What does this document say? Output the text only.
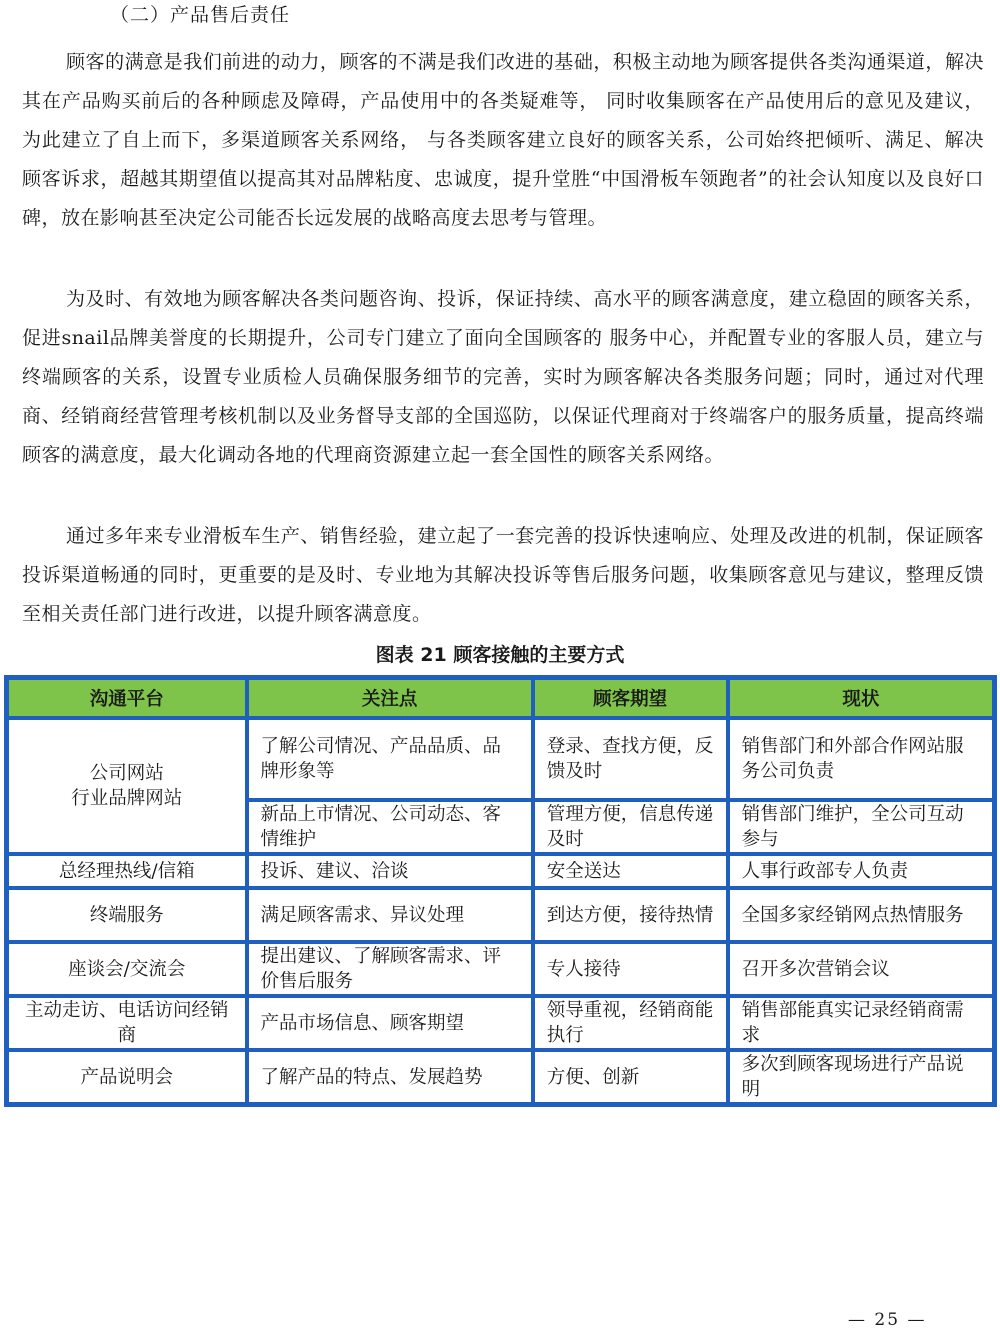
（二）产品售后责任

顾客的满意是我们前进的动力，顾客的不满是我们改进的基础，积极主动地为顾客提供各类沟通渠道，解决其在产品购买前后的各种顾虑及障碍，产品使用中的各类疑难等， 同时收集顾客在产品使用后的意见及建议，为此建立了自上而下，多渠道顾客关系网络， 与各类顾客建立良好的顾客关系，公司始终把倾听、满足、解决顾客诉求，超越其期望值以提高其对品牌粘度、忠诚度，提升堂胜“中国滑板车领跑者”的社会认知度以及良好口 碑，放在影响甚至决定公司能否长远发展的战略高度去思考与管理。

为及时、有效地为顾客解决各类问题咨询、投诉，保证持续、高水平的顾客满意度，建立稳固的顾客关系，促进snail品牌美誉度的长期提升，公司专门建立了面向全国顾客的 服务中心，并配置专业的客服人员，建立与终端顾客的关系，设置专业质检人员确保服务细节的完善，实时为顾客解决各类服务问题；同时，通过对代理商、经销商经营管理考核机制以及业务督导支部的全国巡防，以保证代理商对于终端客户的服务质量，提高终端顾客的满意度，最大化调动各地的代理商资源建立起一套全国性的顾客关系网络。

通过多年来专业滑板车生产、销售经验，建立起了一套完善的投诉快速响应、处理及改进的机制，保证顾客投诉渠道畅通的同时，更重要的是及时、专业地为其解决投诉等售后服务问题，收集顾客意见与建议，整理反馈至相关责任部门进行改进，以提升顾客满意度。

图表 21 顾客接触的主要方式
沟通平台	关注点	顾客期望	现状
公司网站
行业品牌网站	了解公司情况、产品品质、品牌形象等	登录、查找方便，反馈及时	销售部门和外部合作网站服务公司负责
	新品上市情况、公司动态、客情维护	管理方便，信息传递及时	销售部门维护，全公司互动参与
总经理热线/信箱	投诉、建议、洽谈	安全送达	人事行政部专人负责
终端服务	满足顾客需求、异议处理	到达方便，接待热情	全国多家经销网点热情服务
座谈会/交流会	提出建议、了解顾客需求、评价售后服务	专人接待	召开多次营销会议
主动走访、电话访问经销商	产品市场信息、顾客期望	领导重视，经销商能执行	销售部能真实记录经销商需求
产品说明会	了解产品的特点、发展趋势	方便、创新	多次到顾客现场进行产品说明
— 25 —
